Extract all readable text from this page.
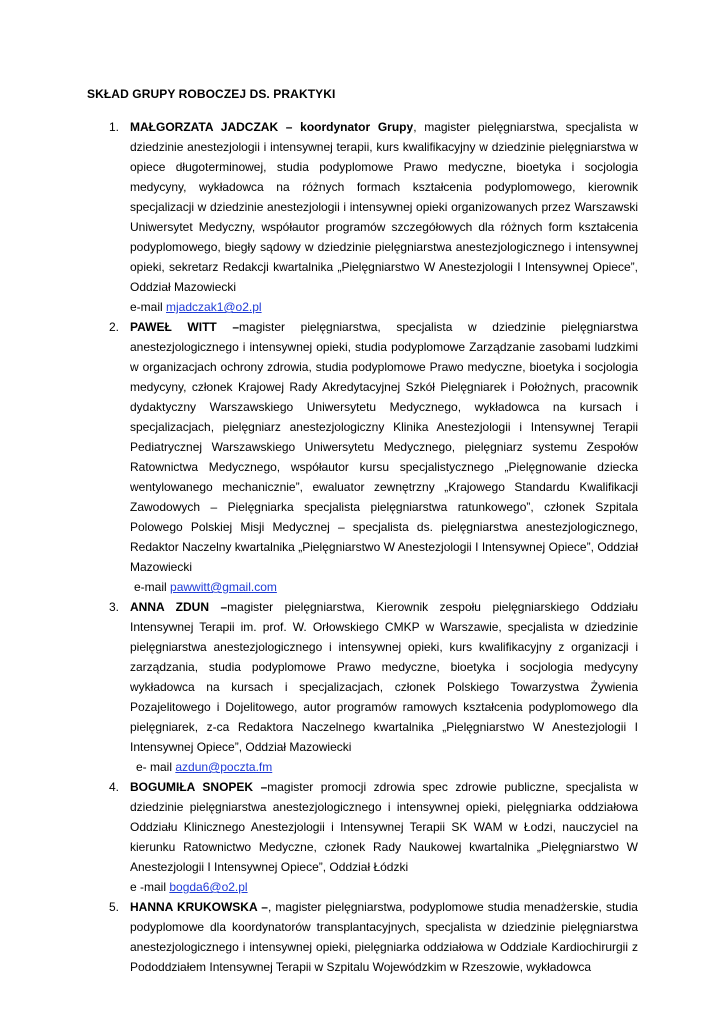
SKŁAD GRUPY ROBOCZEJ DS. PRAKTYKI
1. MAŁGORZATA JADCZAK – koordynator Grupy, magister pielęgniarstwa, specjalista w dziedzinie anestezjologii i intensywnej terapii, kurs kwalifikacyjny w dziedzinie pielęgniarstwa w opiece długoterminowej, studia podyplomowe Prawo medyczne, bioetyka i socjologia medycyny, wykładowca na różnych formach kształcenia podyplomowego, kierownik specjalizacji w dziedzinie anestezjologii i intensywnej opieki organizowanych przez Warszawski Uniwersytet Medyczny, współautor programów szczegółowych dla różnych form kształcenia podyplomowego, biegły sądowy w dziedzinie pielęgniarstwa anestezjologicznego i intensywnej opieki, sekretarz Redakcji kwartalnika „Pielęgniarstwo W Anestezjologii I Intensywnej Opiece”, Oddział Mazowiecki

e-mail mjadczak1@o2.pl

2. PAWEŁ WITT –magister pielęgniarstwa, specjalista w dziedzinie pielęgniarstwa anestezjologicznego i intensywnej opieki, studia podyplomowe Zarządzanie zasobami ludzkimi w organizacjach ochrony zdrowia, studia podyplomowe Prawo medyczne, bioetyka i socjologia medycyny, członek Krajowej Rady Akredytacyjnej Szkół Pielęgniarek i Położnych, pracownik dydaktyczny Warszawskiego Uniwersytetu Medycznego, wykładowca na kursach i specjalizacjach, pielęgniarz anestezjologiczny Klinika Anestezjologii i Intensywnej Terapii Pediatrycznej Warszawskiego Uniwersytetu Medycznego, pielęgniarz systemu Zespołów Ratownictwa Medycznego, współautor kursu specjalistycznego „Pielęgnowanie dziecka wentylowanego mechanicznie”, ewaluator zewnętrzny „Krajowego Standardu Kwalifikacji Zawodowych – Pielęgniarka specjalista pielęgniarstwa ratunkowego”, członek Szpitala Polowego Polskiej Misji Medycznej – specjalista ds. pielęgniarstwa anestezjologicznego, Redaktor Naczelny kwartalnika „Pielęgniarstwo W Anestezjologii I Intensywnej Opiece”, Oddział Mazowiecki

e-mail pawwitt@gmail.com

3. ANNA ZDUN –magister pielęgniarstwa, Kierownik zespołu pielęgniarskiego Oddziału Intensywnej Terapii im. prof. W. Orłowskiego CMKP w Warszawie, specjalista w dziedzinie pielęgniarstwa anestezjologicznego i intensywnej opieki, kurs kwalifikacyjny z organizacji i zarządzania, studia podyplomowe Prawo medyczne, bioetyka i socjologia medycyny wykładowca na kursach i specjalizacjach, członek Polskiego Towarzystwa Żywienia Pozajelitowego i Dojelitowego, autor programów ramowych kształcenia podyplomowego dla pielęgniarek, z-ca Redaktora Naczelnego kwartalnika „Pielęgniarstwo W Anestezjologii I Intensywnej Opiece”, Oddział Mazowiecki

e- mail azdun@poczta.fm

4. BOGUMIŁA SNOPEK –magister promocji zdrowia spec zdrowie publiczne, specjalista w dziedzinie pielęgniarstwa anestezjologicznego i intensywnej opieki, pielęgniarka oddziałowa Oddziału Klinicznego Anestezjologii i Intensywnej Terapii SK WAM w Łodzi, nauczyciel na kierunku Ratownictwo Medyczne, członek Rady Naukowej kwartalnika „Pielęgniarstwo W Anestezjologii I Intensywnej Opiece”, Oddział Łódzki

e -mail bogda6@o2.pl

5. HANNA KRUKOWSKA –, magister pielęgniarstwa, podyplomowe studia menadżerskie, studia podyplomowe dla koordynatorów transplantacyjnych, specjalista w dziedzinie pielęgniarstwa anestezjologicznego i intensywnej opieki, pielęgniarka oddziałowa w Oddziale Kardiochirurgii z Pododdziałem Intensywnej Terapii w Szpitalu Wojewódzkim w Rzeszowie, wykładowca
